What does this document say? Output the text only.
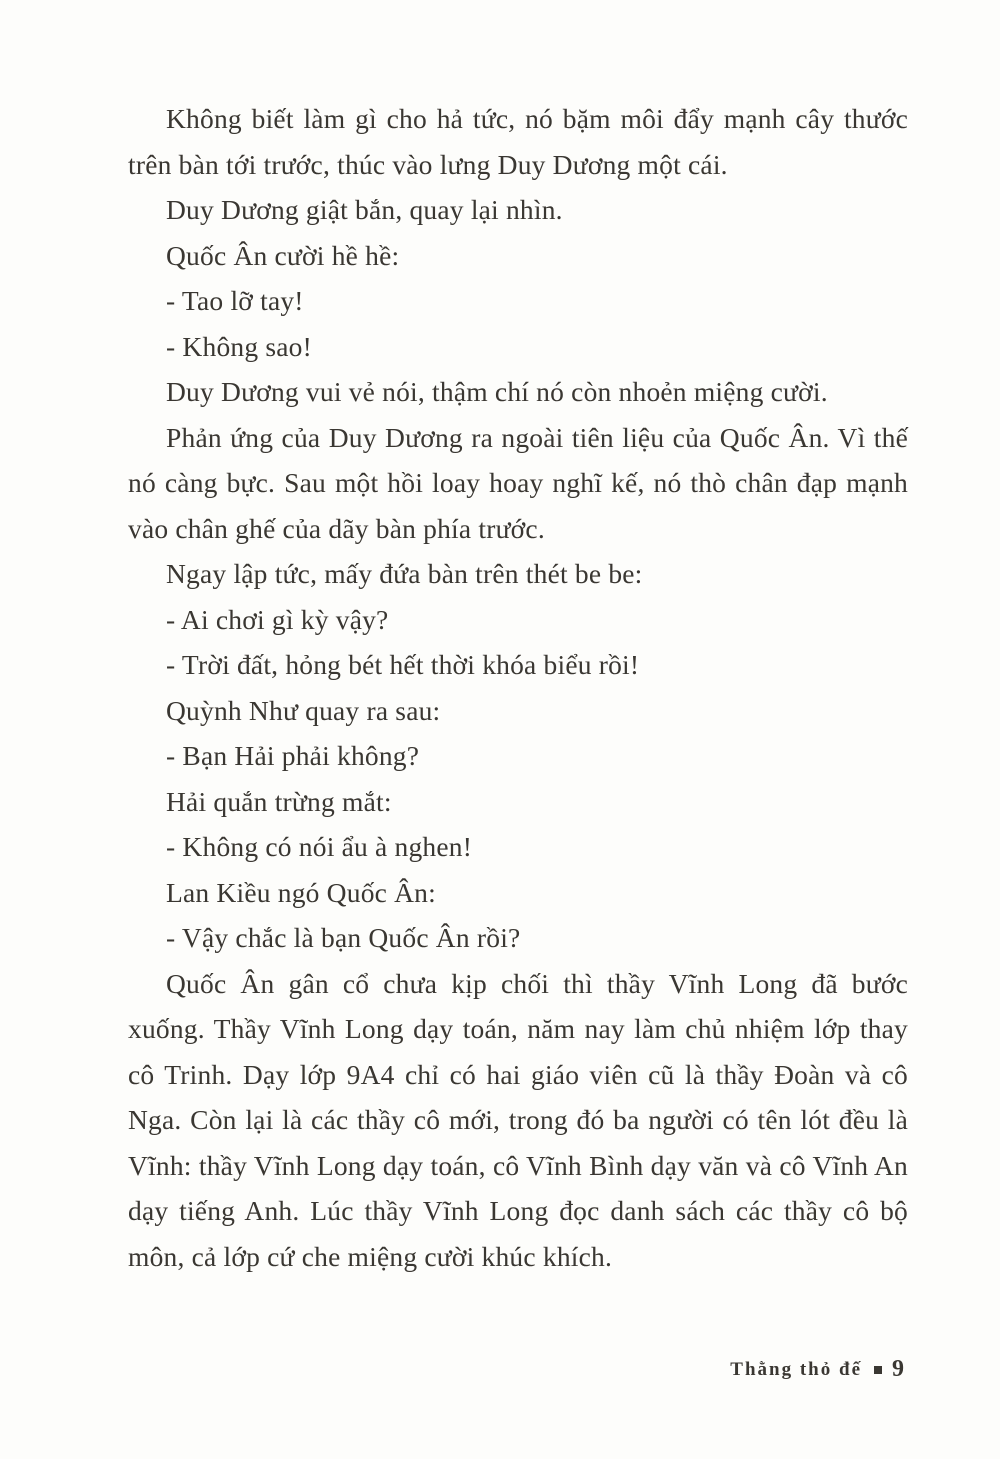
Không biết làm gì cho hả tức, nó bặm môi đẩy mạnh cây thước trên bàn tới trước, thúc vào lưng Duy Dương một cái.

Duy Dương giật bắn, quay lại nhìn.

Quốc Ân cười hề hề:

- Tao lỡ tay!

- Không sao!

Duy Dương vui vẻ nói, thậm chí nó còn nhoẻn miệng cười.

Phản ứng của Duy Dương ra ngoài tiên liệu của Quốc Ân. Vì thế nó càng bực. Sau một hồi loay hoay nghĩ kế, nó thò chân đạp mạnh vào chân ghế của dãy bàn phía trước.

Ngay lập tức, mấy đứa bàn trên thét be be:

- Ai chơi gì kỳ vậy?

- Trời đất, hỏng bét hết thời khóa biểu rồi!

Quỳnh Như quay ra sau:

- Bạn Hải phải không?

Hải quắn trừng mắt:

- Không có nói ẩu à nghen!

Lan Kiều ngó Quốc Ân:

- Vậy chắc là bạn Quốc Ân rồi?

Quốc Ân gân cổ chưa kịp chối thì thầy Vĩnh Long đã bước xuống. Thầy Vĩnh Long dạy toán, năm nay làm chủ nhiệm lớp thay cô Trinh. Dạy lớp 9A4 chỉ có hai giáo viên cũ là thầy Đoàn và cô Nga. Còn lại là các thầy cô mới, trong đó ba người có tên lót đều là Vĩnh: thầy Vĩnh Long dạy toán, cô Vĩnh Bình dạy văn và cô Vĩnh An dạy tiếng Anh. Lúc thầy Vĩnh Long đọc danh sách các thầy cô bộ môn, cả lớp cứ che miệng cười khúc khích.

Thằng thỏ đế 9
